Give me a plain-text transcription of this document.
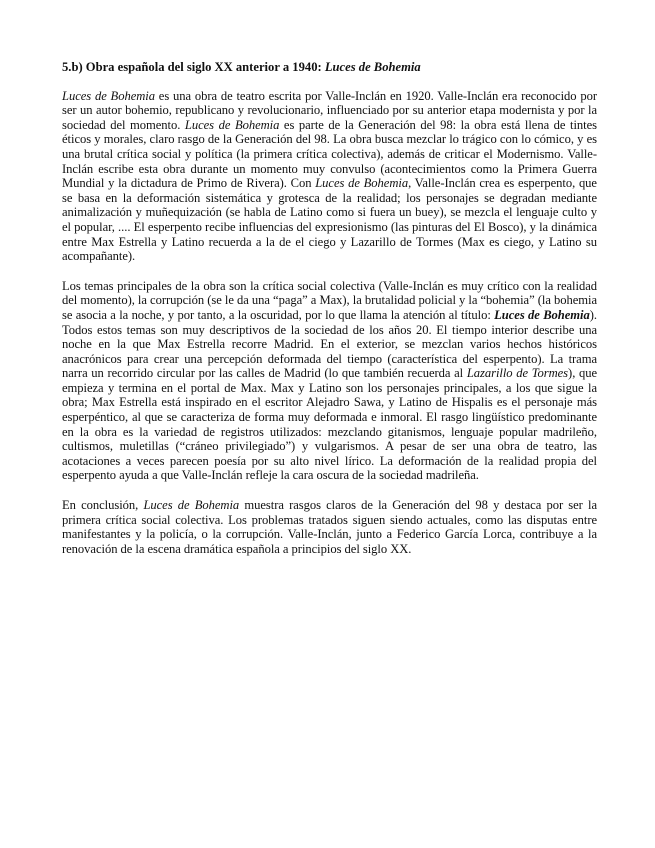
5.b) Obra española del siglo XX anterior a 1940: Luces de Bohemia

Luces de Bohemia es una obra de teatro escrita por Valle-Inclán en 1920. Valle-Inclán era reconocido por ser un autor bohemio, republicano y revolucionario, influenciado por su anterior etapa modernista y por la sociedad del momento. Luces de Bohemia es parte de la Generación del 98: la obra está llena de tintes éticos y morales, claro rasgo de la Generación del 98. La obra busca mezclar lo trágico con lo cómico, y es una brutal crítica social y política (la primera crítica colectiva), además de criticar el Modernismo. Valle-Inclán escribe esta obra durante un momento muy convulso (acontecimientos como la Primera Guerra Mundial y la dictadura de Primo de Rivera). Con Luces de Bohemia, Valle-Inclán crea es esperpento, que se basa en la deformación sistemática y grotesca de la realidad; los personajes se degradan mediante animalización y muñequización (se habla de Latino como si fuera un buey), se mezcla el lenguaje culto y el popular, .... El esperpento recibe influencias del expresionismo (las pinturas del El Bosco), y la dinámica entre Max Estrella y Latino recuerda a la de el ciego y Lazarillo de Tormes (Max es ciego, y Latino su acompañante).

Los temas principales de la obra son la crítica social colectiva (Valle-Inclán es muy crítico con la realidad del momento), la corrupción (se le da una “paga” a Max), la brutalidad policial y la “bohemia” (la bohemia se asocia a la noche, y por tanto, a la oscuridad, por lo que llama la atención al título: Luces de Bohemia). Todos estos temas son muy descriptivos de la sociedad de los años 20. El tiempo interior describe una noche en la que Max Estrella recorre Madrid. En el exterior, se mezclan varios hechos históricos anacrónicos para crear una percepción deformada del tiempo (característica del esperpento). La trama narra un recorrido circular por las calles de Madrid (lo que también recuerda al Lazarillo de Tormes), que empieza y termina en el portal de Max. Max y Latino son los personajes principales, a los que sigue la obra; Max Estrella está inspirado en el escritor Alejadro Sawa, y Latino de Hispalis es el personaje más esperpéntico, al que se caracteriza de forma muy deformada e inmoral. El rasgo lingüístico predominante en la obra es la variedad de registros utilizados: mezclando gitanismos, lenguaje popular madrileño, cultismos, muletillas (“cráneo privilegiado”) y vulgarismos. A pesar de ser una obra de teatro, las acotaciones a veces parecen poesía por su alto nivel lírico. La deformación de la realidad propia del esperpento ayuda a que Valle-Inclán refleje la cara oscura de la sociedad madrileña.

En conclusión, Luces de Bohemia muestra rasgos claros de la Generación del 98 y destaca por ser la primera crítica social colectiva. Los problemas tratados siguen siendo actuales, como las disputas entre manifestantes y la policía, o la corrupción. Valle-Inclán, junto a Federico García Lorca, contribuye a la renovación de la escena dramática española a principios del siglo XX.
